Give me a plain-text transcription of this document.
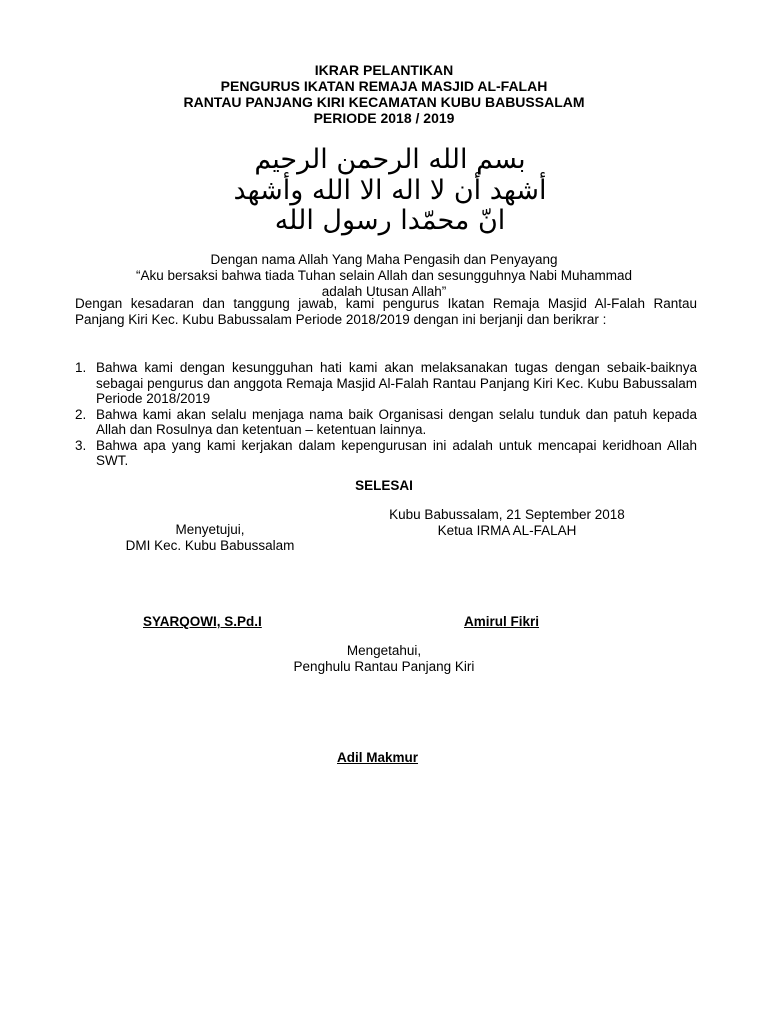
IKRAR PELANTIKAN
PENGURUS IKATAN REMAJA MASJID AL-FALAH
RANTAU PANJANG KIRI KECAMATAN KUBU BABUSSALAM
PERIODE 2018 / 2019
بسم الله الرحمن الرحيم
أشهد أن لا اله الا الله وأشهد
انّ محمّدا رسول الله
Dengan nama Allah Yang Maha Pengasih dan Penyayang
“Aku bersaksi bahwa tiada Tuhan selain Allah dan sesungguhnya Nabi Muhammad
adalah Utusan Allah”
Dengan kesadaran dan tanggung jawab, kami pengurus Ikatan Remaja Masjid Al-Falah Rantau Panjang Kiri Kec. Kubu Babussalam Periode 2018/2019 dengan ini berjanji dan berikrar :
1. Bahwa kami dengan kesungguhan hati kami akan melaksanakan tugas dengan sebaik-baiknya sebagai pengurus dan anggota Remaja Masjid Al-Falah Rantau Panjang Kiri Kec. Kubu Babussalam Periode 2018/2019
2. Bahwa kami akan selalu menjaga nama baik Organisasi dengan selalu tunduk dan patuh kepada Allah dan Rosulnya dan ketentuan – ketentuan lainnya.
3. Bahwa apa yang kami kerjakan dalam kepengurusan ini adalah untuk mencapai keridhoan Allah SWT.
SELESAI
Kubu Babussalam, 21 September 2018
Ketua IRMA AL-FALAH
Menyetujui,
DMI Kec. Kubu Babussalam
SYARQOWI, S.Pd.I	Amirul Fikri
Mengetahui,
Penghulu Rantau Panjang Kiri
Adil Makmur
